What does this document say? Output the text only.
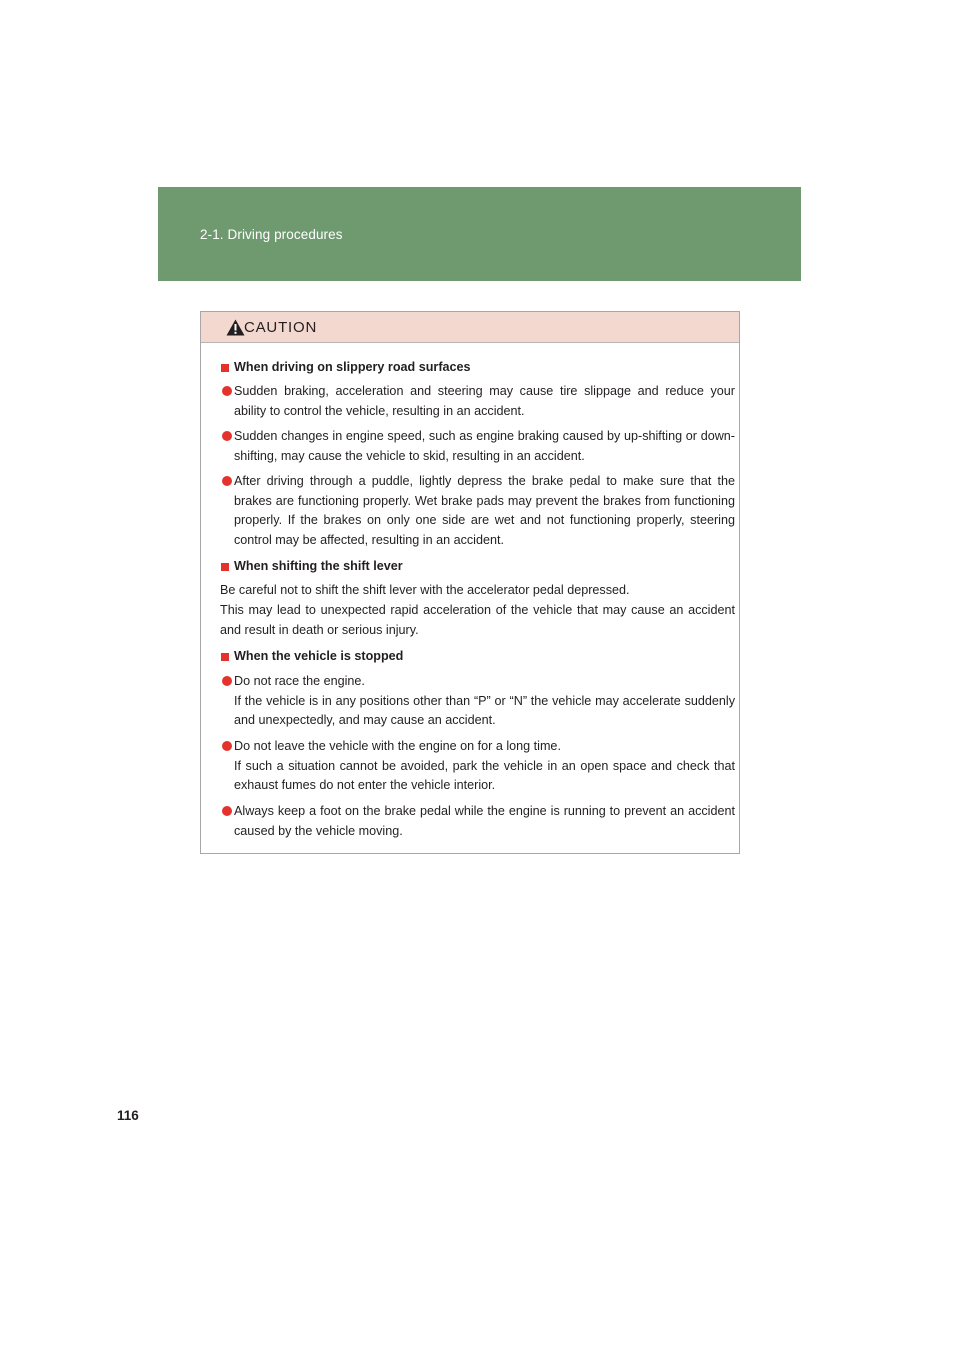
2-1. Driving procedures
CAUTION
When driving on slippery road surfaces
Sudden braking, acceleration and steering may cause tire slippage and reduce your ability to control the vehicle, resulting in an accident.
Sudden changes in engine speed, such as engine braking caused by up-shifting or down-shifting, may cause the vehicle to skid, resulting in an accident.
After driving through a puddle, lightly depress the brake pedal to make sure that the brakes are functioning properly. Wet brake pads may prevent the brakes from functioning properly. If the brakes on only one side are wet and not functioning properly, steering control may be affected, resulting in an accident.
When shifting the shift lever
Be careful not to shift the shift lever with the accelerator pedal depressed.
This may lead to unexpected rapid acceleration of the vehicle that may cause an accident and result in death or serious injury.
When the vehicle is stopped
Do not race the engine.
If the vehicle is in any positions other than “P” or “N” the vehicle may accelerate suddenly and unexpectedly, and may cause an accident.
Do not leave the vehicle with the engine on for a long time.
If such a situation cannot be avoided, park the vehicle in an open space and check that exhaust fumes do not enter the vehicle interior.
Always keep a foot on the brake pedal while the engine is running to prevent an accident caused by the vehicle moving.
116
